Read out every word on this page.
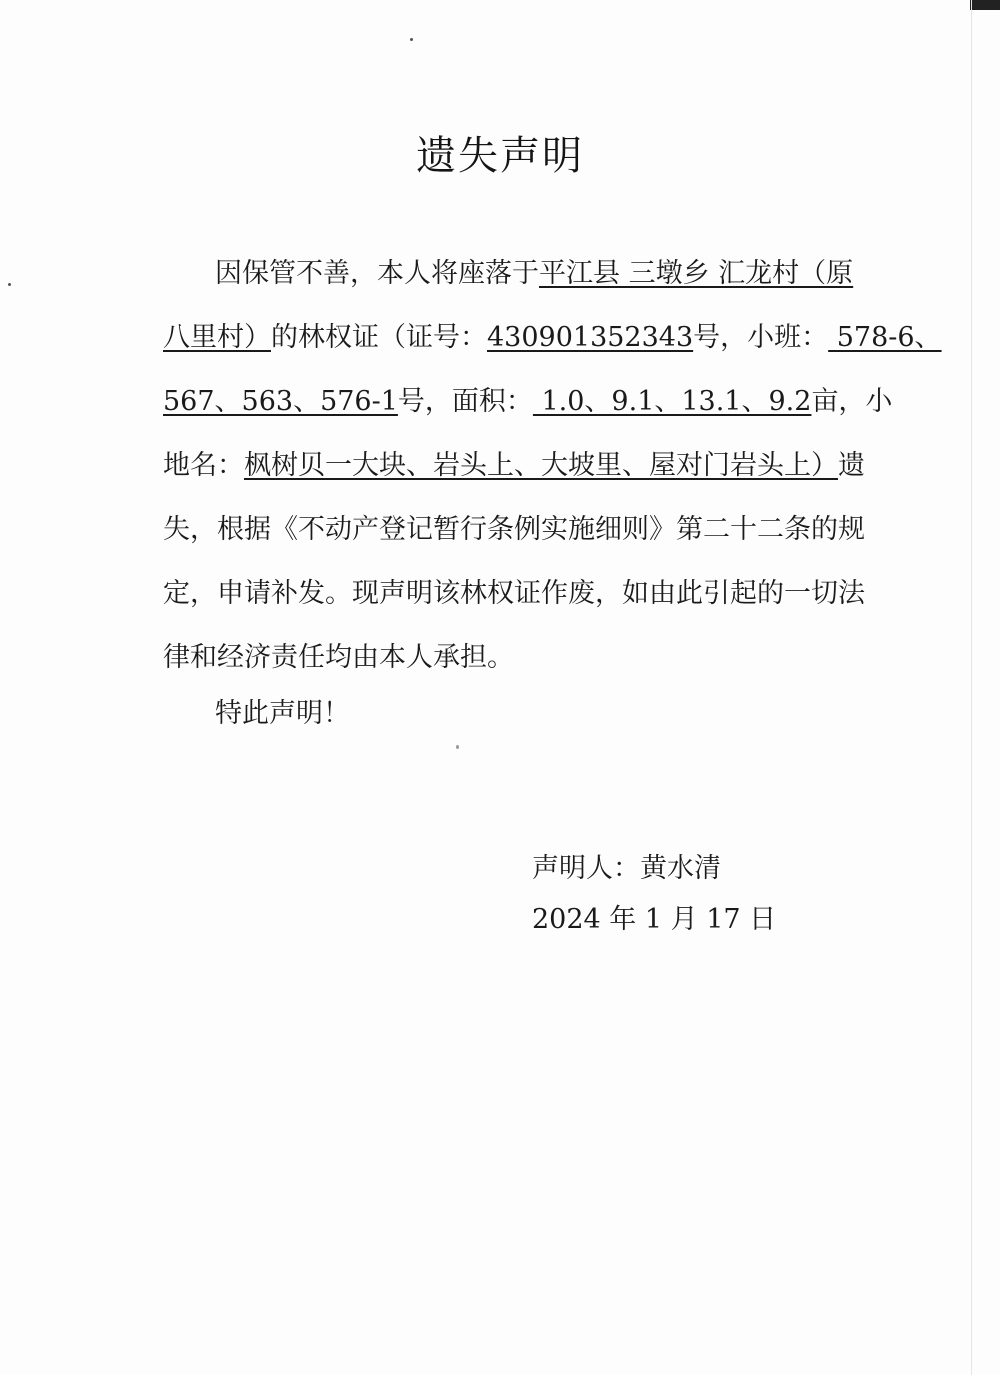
遗失声明
因保管不善，本人将座落于平江县 三墩乡 汇龙村（原
八里村）的林权证（证号：430901352343号，小班： 578-6、
567、563、576-1号，面积： 1.0、9.1、13.1、9.2亩，小
地名：枫树贝一大块、岩头上、大坡里、屋对门岩头上）遗
失，根据《不动产登记暂行条例实施细则》第二十二条的规
定，申请补发。现声明该林权证作废，如由此引起的一切法
律和经济责任均由本人承担。
特此声明！
声明人：黄水清
2024 年 1 月 17 日
